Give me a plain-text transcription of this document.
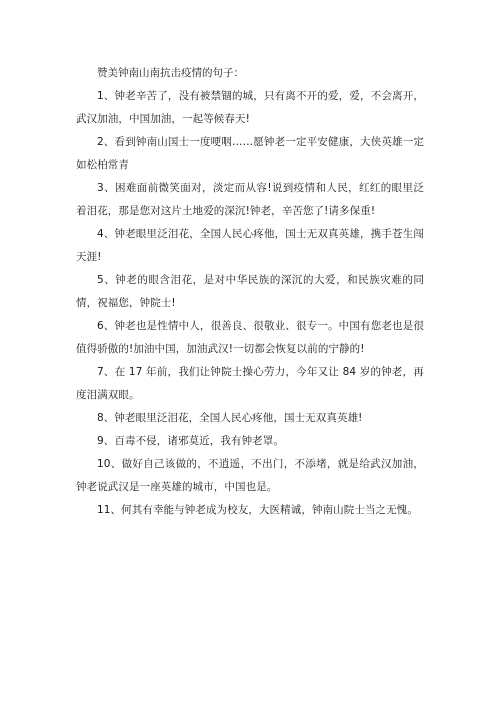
赞美钟南山南抗击疫情的句子：

1、钟老辛苦了，没有被禁锢的城，只有离不开的爱，爱，不会离开，武汉加油，中国加油，一起等候春天!

2、看到钟南山国士一度哽咽……愿钟老一定平安健康，大侠英雄一定如松柏常青

3、困难面前微笑面对，淡定而从容!说到疫情和人民，红红的眼里泛着泪花，那是您对这片土地爱的深沉!钟老，辛苦您了!请多保重!

4、钟老眼里泛泪花，全国人民心疼他，国士无双真英雄，携手苍生闯天涯!

5、钟老的眼含泪花，是对中华民族的深沉的大爱，和民族灾难的同情，祝福您，钟院士!

6、钟老也是性情中人，很善良、很敬业、很专一。中国有您老也是很值得骄傲的!加油中国，加油武汉!一切都会恢复以前的宁静的!

7、在 17 年前，我们让钟院士操心劳力，今年又让 84 岁的钟老，再度泪满双眼。

8、钟老眼里泛泪花，全国人民心疼他，国士无双真英雄!

9、百毒不侵，诸邪莫近，我有钟老罩。

10、做好自己该做的，不逍遥，不出门，不添堵，就是给武汉加油，钟老说武汉是一座英雄的城市，中国也是。

11、何其有幸能与钟老成为校友，大医精诚，钟南山院士当之无愧。
